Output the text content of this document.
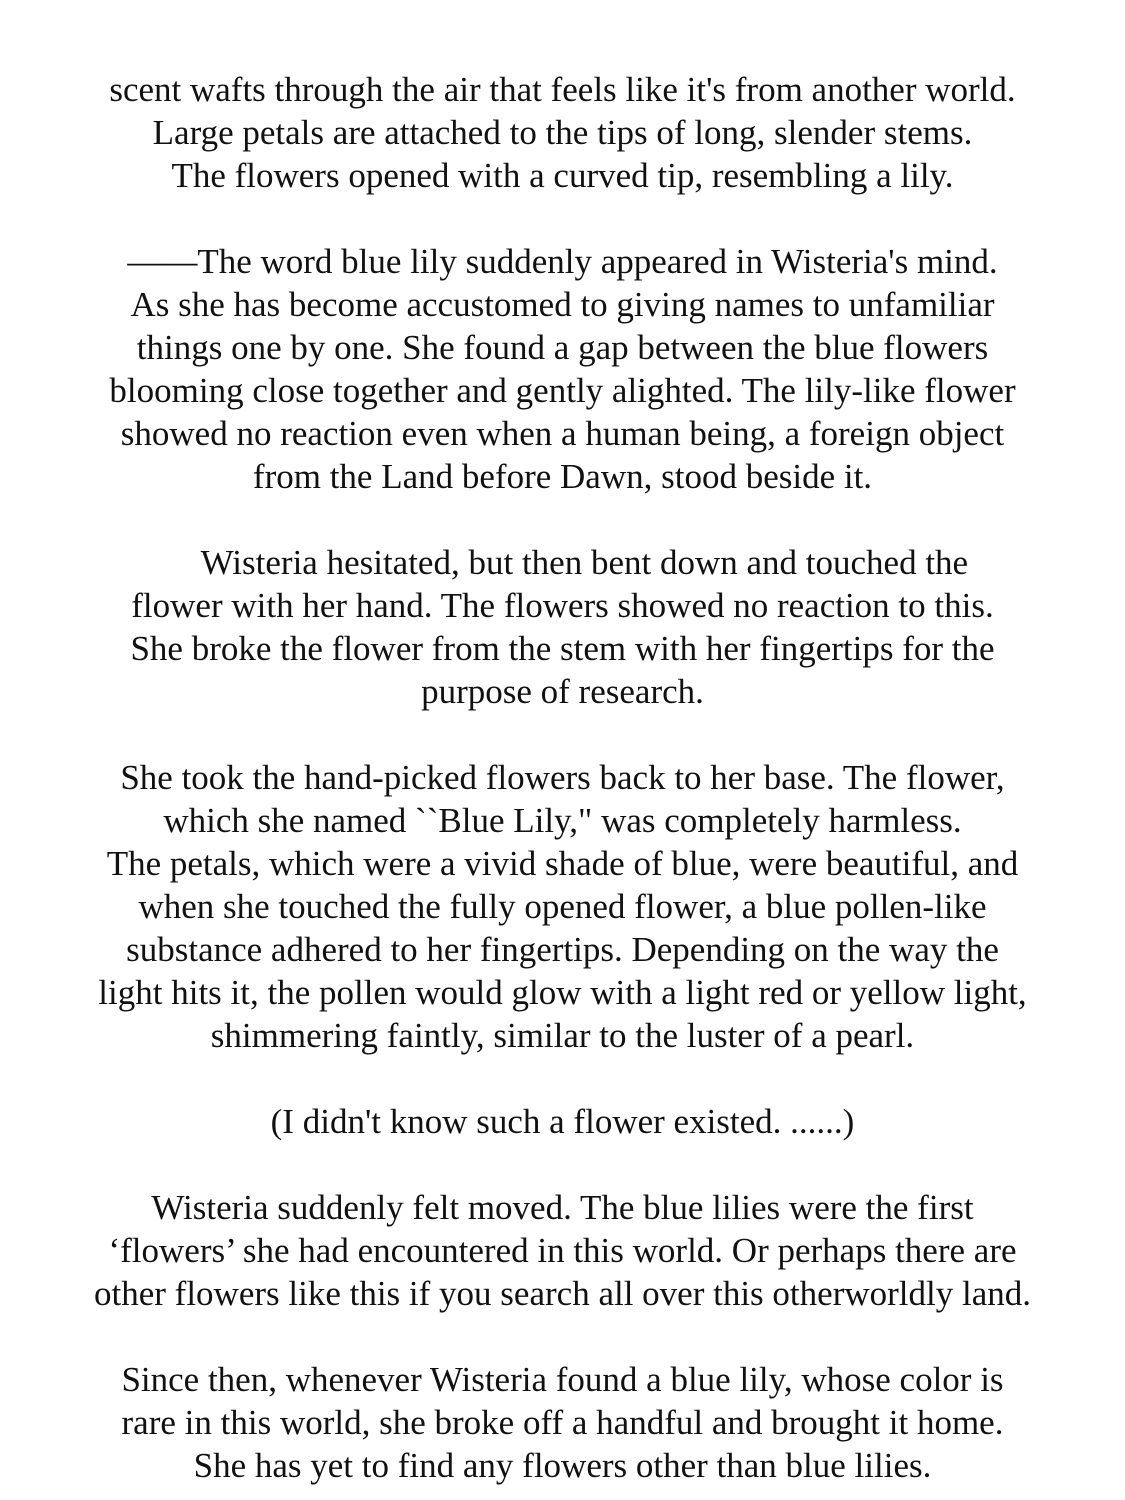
scent wafts through the air that feels like it's from another world.
Large petals are attached to the tips of long, slender stems.
The flowers opened with a curved tip, resembling a lily.
——The word blue lily suddenly appeared in Wisteria's mind.
As she has become accustomed to giving names to unfamiliar
things one by one. She found a gap between the blue flowers
blooming close together and gently alighted. The lily-like flower
showed no reaction even when a human being, a foreign object
from the Land before Dawn, stood beside it.
Wisteria hesitated, but then bent down and touched the
flower with her hand. The flowers showed no reaction to this.
She broke the flower from the stem with her fingertips for the
purpose of research.
She took the hand-picked flowers back to her base. The flower,
which she named ``Blue Lily," was completely harmless.
The petals, which were a vivid shade of blue, were beautiful, and
when she touched the fully opened flower, a blue pollen-like
substance adhered to her fingertips. Depending on the way the
light hits it, the pollen would glow with a light red or yellow light,
shimmering faintly, similar to the luster of a pearl.
(I didn't know such a flower existed. ......)
Wisteria suddenly felt moved. The blue lilies were the first
‘flowers’ she had encountered in this world. Or perhaps there are
other flowers like this if you search all over this otherworldly land.
Since then, whenever Wisteria found a blue lily, whose color is
rare in this world, she broke off a handful and brought it home.
She has yet to find any flowers other than blue lilies.
